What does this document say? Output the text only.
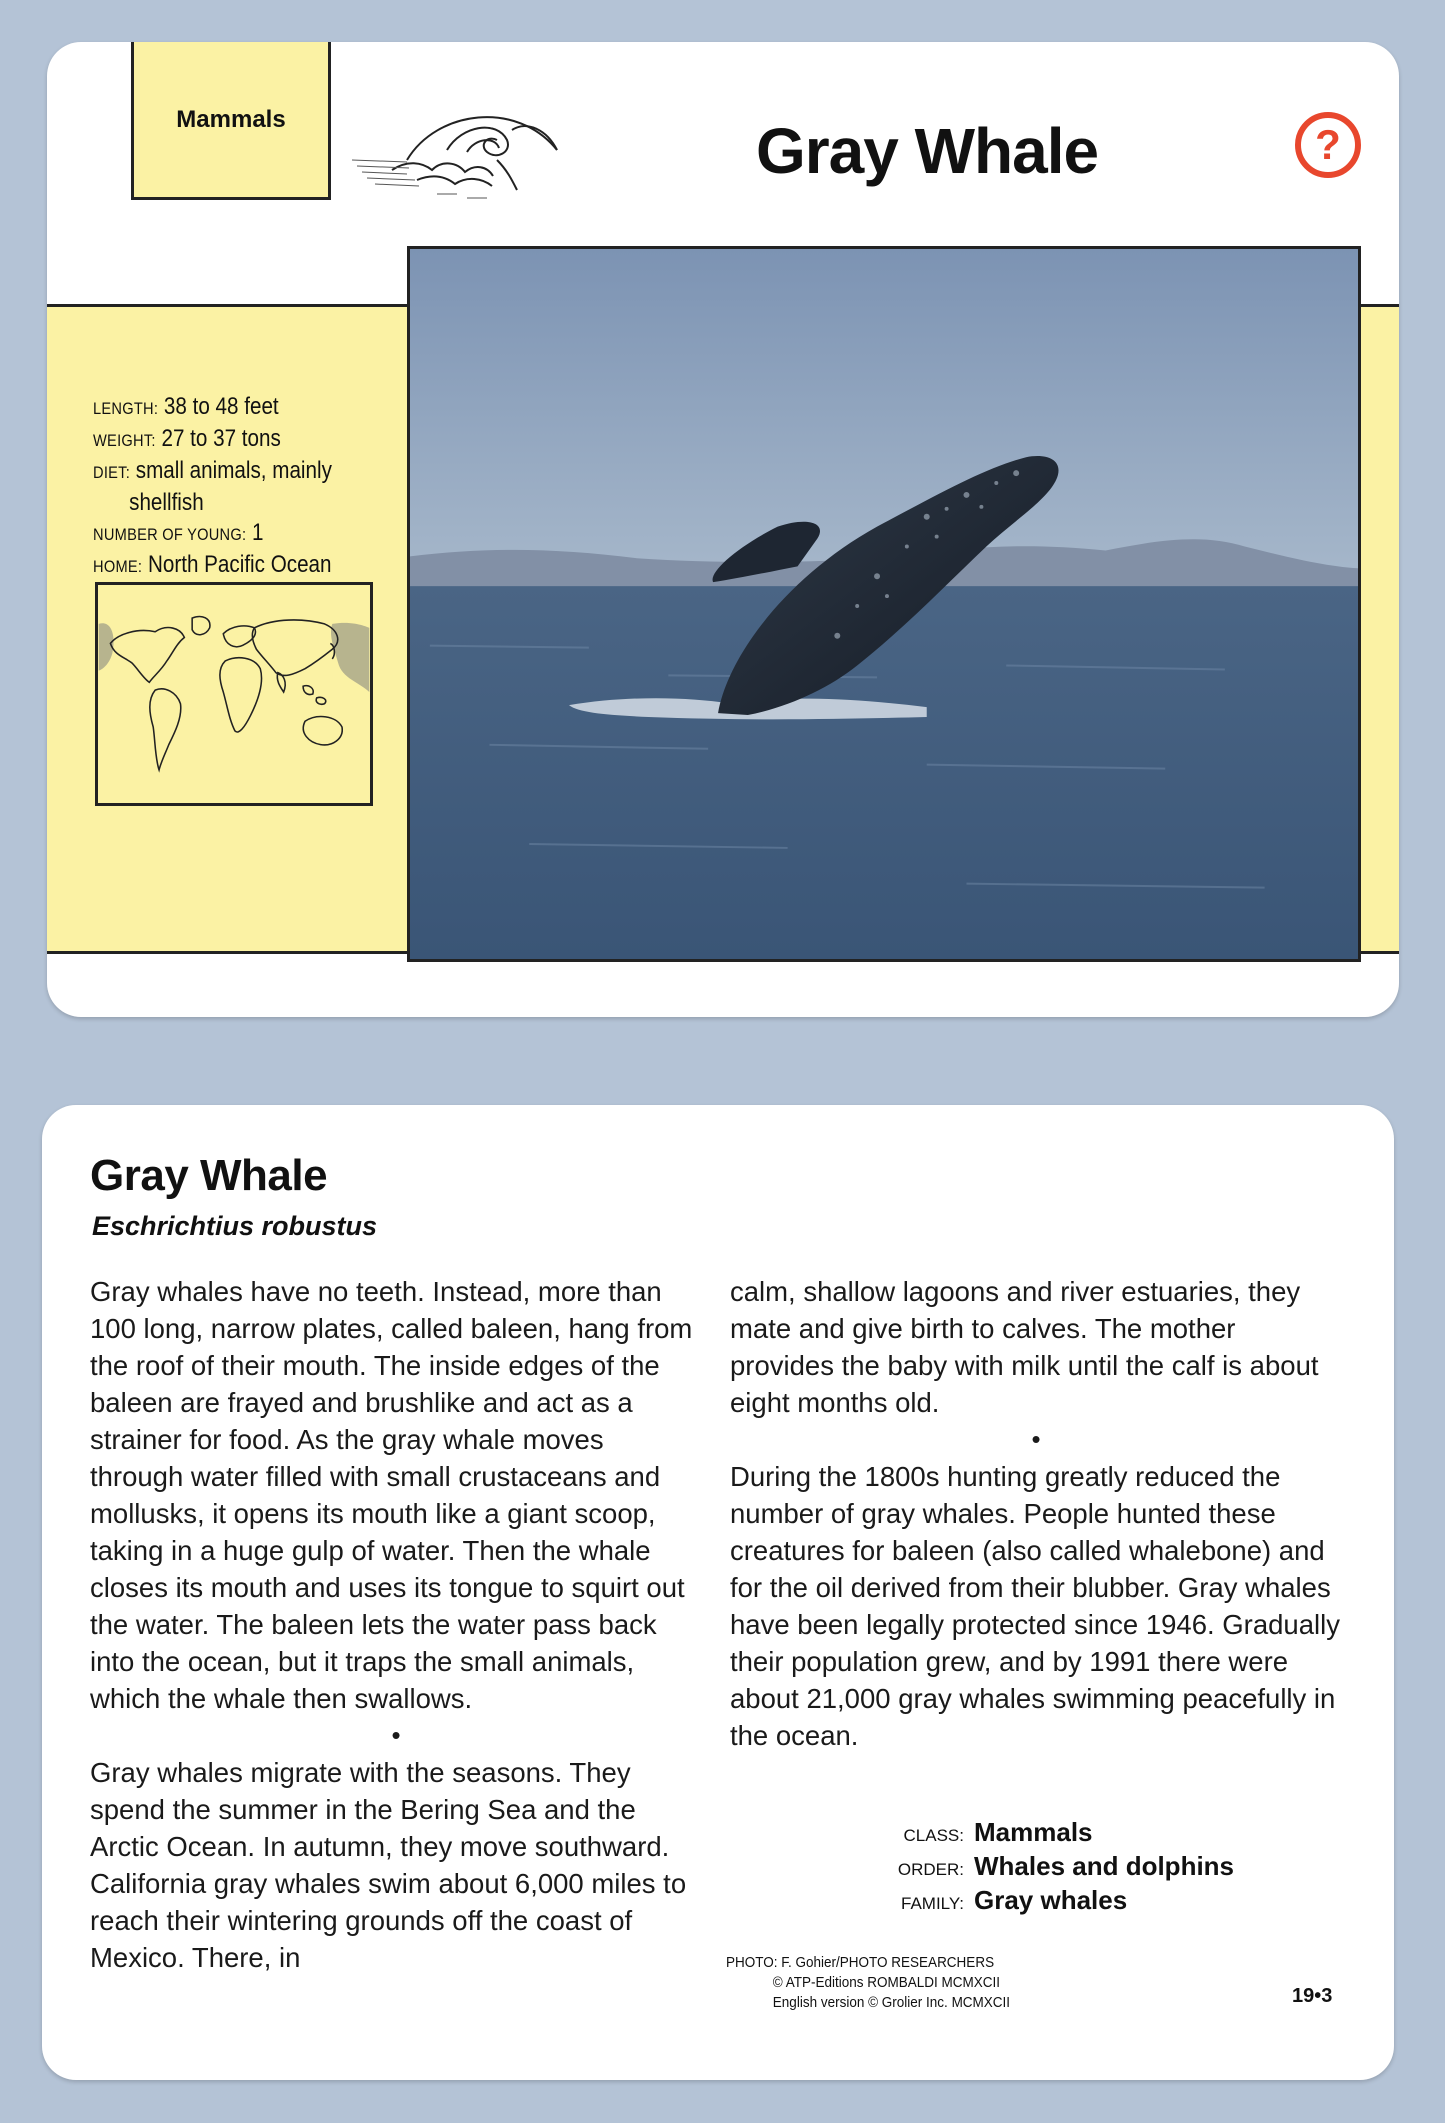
Mammals	Gray Whale	?
LENGTH: 38 to 48 feet
WEIGHT: 27 to 37 tons
DIET: small animals, mainly
shellfish
NUMBER OF YOUNG: 1
HOME: North Pacific Ocean
Gray Whale
Eschrichtius robustus

Gray whales have no teeth. Instead, more than 100 long, narrow plates, called baleen, hang from the roof of their mouth. The inside edges of the baleen are frayed and brushlike and act as a strainer for food. As the gray whale moves through water filled with small crustaceans and mollusks, it opens its mouth like a giant scoop, taking in a huge gulp of water. Then the whale closes its mouth and uses its tongue to squirt out the water. The baleen lets the water pass back into the ocean, but it traps the small animals, which the whale then swallows.

•

Gray whales migrate with the seasons. They spend the summer in the Bering Sea and the Arctic Ocean. In autumn, they move southward. California gray whales swim about 6,000 miles to reach their wintering grounds off the coast of Mexico. There, in

calm, shallow lagoons and river estuaries, they mate and give birth to calves. The mother provides the baby with milk until the calf is about eight months old.

•

During the 1800s hunting greatly reduced the number of gray whales. People hunted these creatures for baleen (also called whalebone) and for the oil derived from their blubber. Gray whales have been legally protected since 1946. Gradually their population grew, and by 1991 there were about 21,000 gray whales swimming peacefully in the ocean.

CLASS: Mammals
ORDER: Whales and dolphins
FAMILY: Gray whales
PHOTO: F. Gohier/PHOTO RESEARCHERS
© ATP-Editions ROMBALDI MCMXCII
English version © Grolier Inc. MCMXCII	19•3
